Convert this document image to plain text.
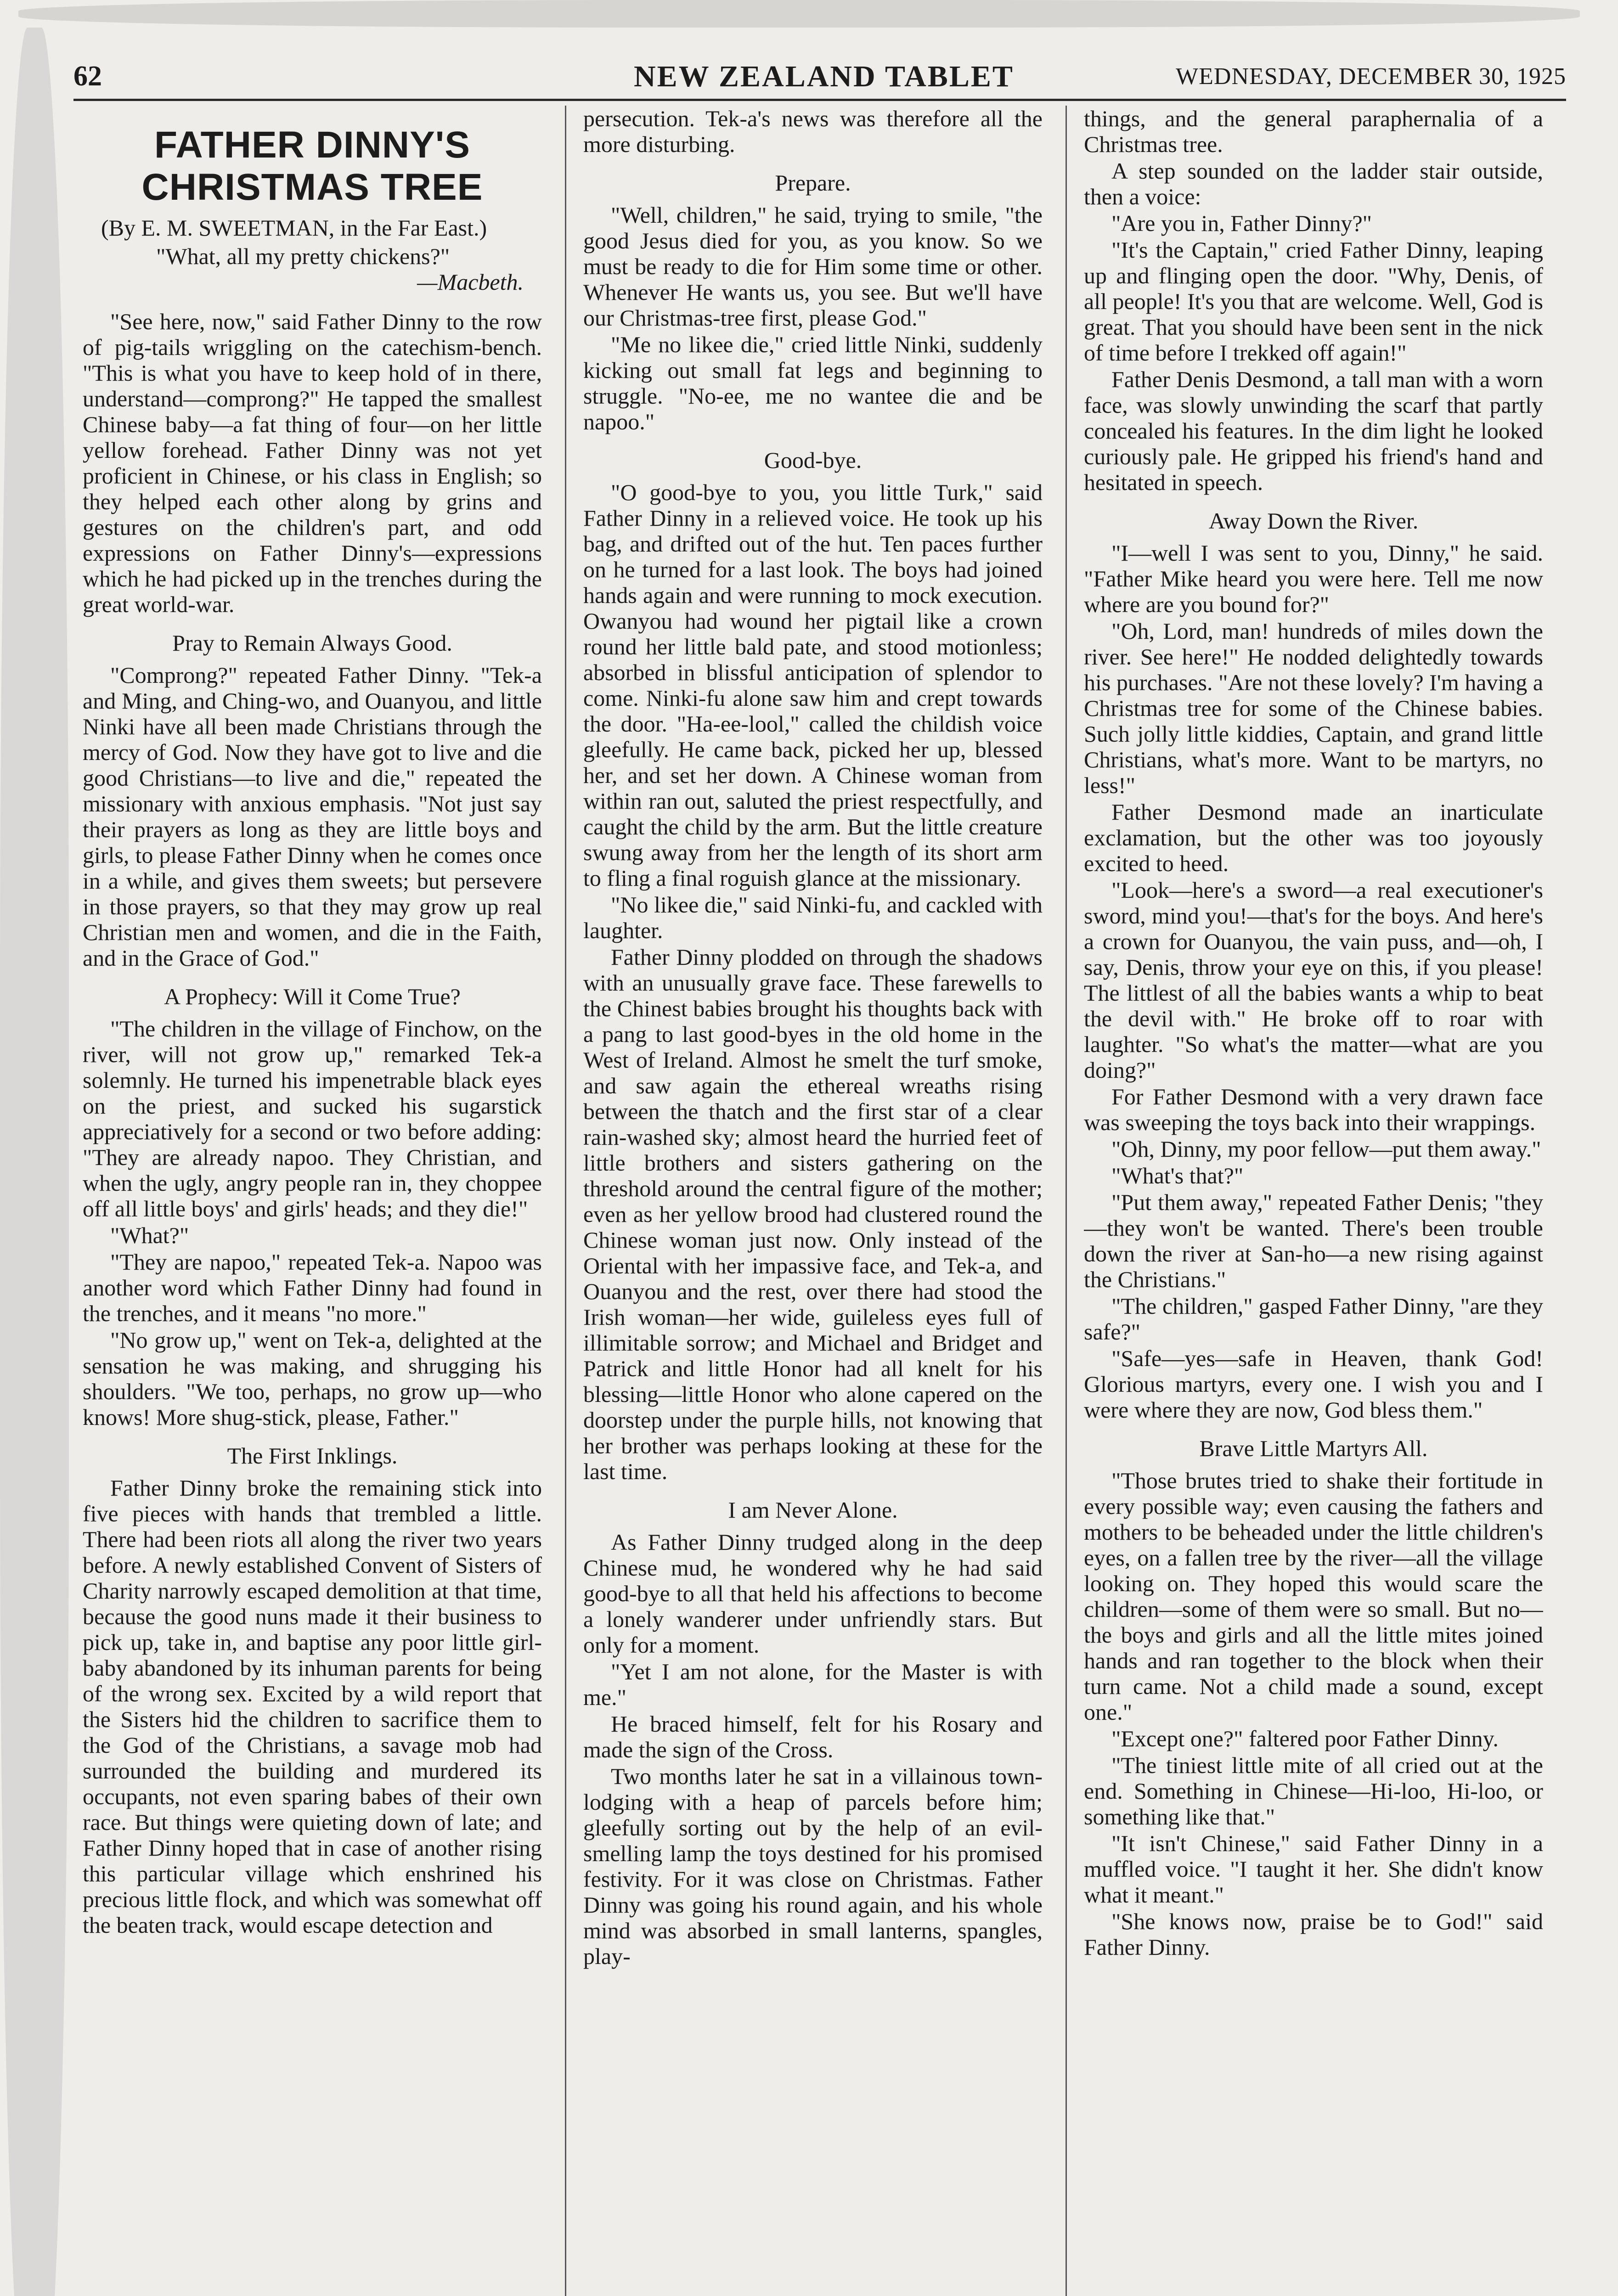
62	NEW ZEALAND TABLET	WEDNESDAY, DECEMBER 30, 1925
FATHER DINNY'S CHRISTMAS TREE
(By E. M. SWEETMAN, in the Far East.)
"What, all my pretty chickens?"
—Macbeth.

"See here, now," said Father Dinny to the row of pig-tails wriggling on the catechism-bench. "This is what you have to keep hold of in there, understand—comprong?" He tapped the smallest Chinese baby—a fat thing of four—on her little yellow forehead. Father Dinny was not yet proficient in Chinese, or his class in English; so they helped each other along by grins and gestures on the children's part, and odd expressions on Father Dinny's—expressions which he had picked up in the trenches during the great world-war.

Pray to Remain Always Good.

"Comprong?" repeated Father Dinny. "Tek-a and Ming, and Ching-wo, and Ouanyou, and little Ninki have all been made Christians through the mercy of God. Now they have got to live and die good Christians—to live and die," repeated the missionary with anxious emphasis. "Not just say their prayers as long as they are little boys and girls, to please Father Dinny when he comes once in a while, and gives them sweets; but persevere in those prayers, so that they may grow up real Christian men and women, and die in the Faith, and in the Grace of God."

A Prophecy: Will it Come True?

"The children in the village of Finchow, on the river, will not grow up," remarked Tek-a solemnly. He turned his impenetrable black eyes on the priest, and sucked his sugarstick appreciatively for a second or two before adding: "They are already napoo. They Christian, and when the ugly, angry people ran in, they choppee off all little boys' and girls' heads; and they die!"

"What?"

"They are napoo," repeated Tek-a. Napoo was another word which Father Dinny had found in the trenches, and it means "no more."

"No grow up," went on Tek-a, delighted at the sensation he was making, and shrugging his shoulders. "We too, perhaps, no grow up—who knows! More shug-stick, please, Father."

The First Inklings.

Father Dinny broke the remaining stick into five pieces with hands that trembled a little. There had been riots all along the river two years before. A newly established Convent of Sisters of Charity narrowly escaped demolition at that time, because the good nuns made it their business to pick up, take in, and baptise any poor little girl-baby abandoned by its inhuman parents for being of the wrong sex. Excited by a wild report that the Sisters hid the children to sacrifice them to the God of the Christians, a savage mob had surrounded the building and murdered its occupants, not even sparing babes of their own race. But things were quieting down of late; and Father Dinny hoped that in case of another rising this particular village which enshrined his precious little flock, and which was somewhat off the beaten track, would escape detection and

persecution. Tek-a's news was therefore all the more disturbing.

Prepare.

"Well, children," he said, trying to smile, "the good Jesus died for you, as you know. So we must be ready to die for Him some time or other. Whenever He wants us, you see. But we'll have our Christmas-tree first, please God."

"Me no likee die," cried little Ninki, suddenly kicking out small fat legs and beginning to struggle. "No-ee, me no wantee die and be napoo."

Good-bye.

"O good-bye to you, you little Turk," said Father Dinny in a relieved voice. He took up his bag, and drifted out of the hut. Ten paces further on he turned for a last look. The boys had joined hands again and were running to mock execution. Owanyou had wound her pigtail like a crown round her little bald pate, and stood motionless; absorbed in blissful anticipation of splendor to come. Ninki-fu alone saw him and crept towards the door. "Ha-ee-lool," called the childish voice gleefully. He came back, picked her up, blessed her, and set her down. A Chinese woman from within ran out, saluted the priest respectfully, and caught the child by the arm. But the little creature swung away from her the length of its short arm to fling a final roguish glance at the missionary.

"No likee die," said Ninki-fu, and cackled with laughter.

Father Dinny plodded on through the shadows with an unusually grave face. These farewells to the Chinest babies brought his thoughts back with a pang to last good-byes in the old home in the West of Ireland. Almost he smelt the turf smoke, and saw again the ethereal wreaths rising between the thatch and the first star of a clear rain-washed sky; almost heard the hurried feet of little brothers and sisters gathering on the threshold around the central figure of the mother; even as her yellow brood had clustered round the Chinese woman just now. Only instead of the Oriental with her impassive face, and Tek-a, and Ouanyou and the rest, over there had stood the Irish woman—her wide, guileless eyes full of illimitable sorrow; and Michael and Bridget and Patrick and little Honor had all knelt for his blessing—little Honor who alone capered on the doorstep under the purple hills, not knowing that her brother was perhaps looking at these for the last time.

I am Never Alone.

As Father Dinny trudged along in the deep Chinese mud, he wondered why he had said good-bye to all that held his affections to become a lonely wanderer under unfriendly stars. But only for a moment.

"Yet I am not alone, for the Master is with me."

He braced himself, felt for his Rosary and made the sign of the Cross.

Two months later he sat in a villainous town-lodging with a heap of parcels before him; gleefully sorting out by the help of an evil-smelling lamp the toys destined for his promised festivity. For it was close on Christmas. Father Dinny was going his round again, and his whole mind was absorbed in small lanterns, spangles, play-

things, and the general paraphernalia of a Christmas tree.

A step sounded on the ladder stair outside, then a voice:

"Are you in, Father Dinny?"

"It's the Captain," cried Father Dinny, leaping up and flinging open the door. "Why, Denis, of all people! It's you that are welcome. Well, God is great. That you should have been sent in the nick of time before I trekked off again!"

Father Denis Desmond, a tall man with a worn face, was slowly unwinding the scarf that partly concealed his features. In the dim light he looked curiously pale. He gripped his friend's hand and hesitated in speech.

Away Down the River.

"I—well I was sent to you, Dinny," he said. "Father Mike heard you were here. Tell me now where are you bound for?"

"Oh, Lord, man! hundreds of miles down the river. See here!" He nodded delightedly towards his purchases. "Are not these lovely? I'm having a Christmas tree for some of the Chinese babies. Such jolly little kiddies, Captain, and grand little Christians, what's more. Want to be martyrs, no less!"

Father Desmond made an inarticulate exclamation, but the other was too joyously excited to heed.

"Look—here's a sword—a real executioner's sword, mind you!—that's for the boys. And here's a crown for Ouanyou, the vain puss, and—oh, I say, Denis, throw your eye on this, if you please! The littlest of all the babies wants a whip to beat the devil with." He broke off to roar with laughter. "So what's the matter—what are you doing?"

For Father Desmond with a very drawn face was sweeping the toys back into their wrappings.

"Oh, Dinny, my poor fellow—put them away."

"What's that?"

"Put them away," repeated Father Denis; "they—they won't be wanted. There's been trouble down the river at San-ho—a new rising against the Christians."

"The children," gasped Father Dinny, "are they safe?"

"Safe—yes—safe in Heaven, thank God! Glorious martyrs, every one. I wish you and I were where they are now, God bless them."

Brave Little Martyrs All.

"Those brutes tried to shake their fortitude in every possible way; even causing the fathers and mothers to be beheaded under the little children's eyes, on a fallen tree by the river—all the village looking on. They hoped this would scare the children—some of them were so small. But no—the boys and girls and all the little mites joined hands and ran together to the block when their turn came. Not a child made a sound, except one."

"Except one?" faltered poor Father Dinny.

"The tiniest little mite of all cried out at the end. Something in Chinese—Hi-loo, Hi-loo, or something like that."

"It isn't Chinese," said Father Dinny in a muffled voice. "I taught it her. She didn't know what it meant."

"She knows now, praise be to God!" said Father Dinny.
